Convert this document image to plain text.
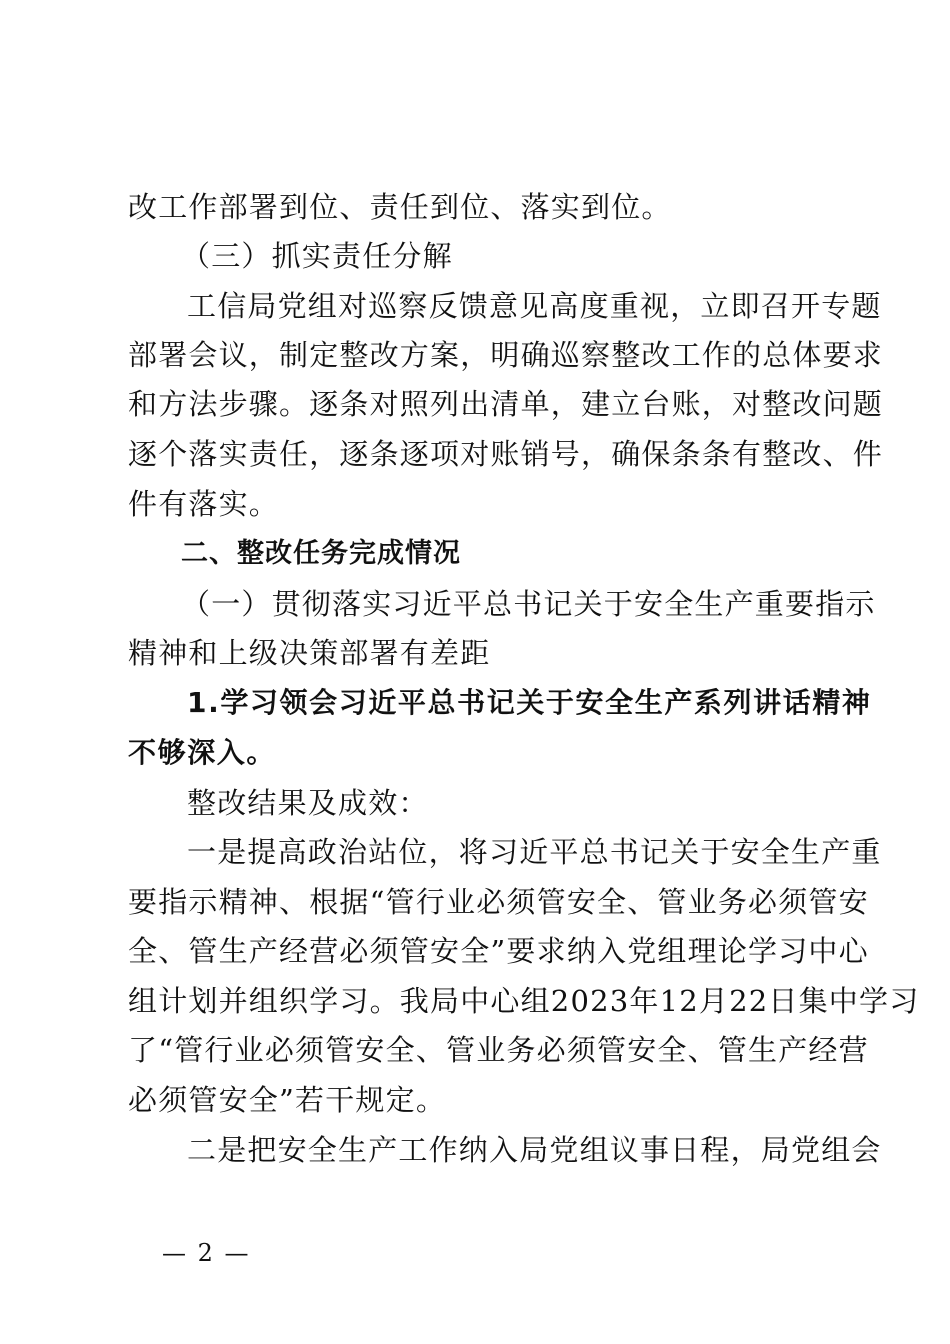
改工作部署到位、责任到位、落实到位。
（三）抓实责任分解
工信局党组对巡察反馈意见高度重视，立即召开专题
部署会议，制定整改方案，明确巡察整改工作的总体要求
和方法步骤。逐条对照列出清单，建立台账，对整改问题
逐个落实责任，逐条逐项对账销号，确保条条有整改、件
件有落实。
二、整改任务完成情况
（一）贯彻落实习近平总书记关于安全生产重要指示
精神和上级决策部署有差距
1.学习领会习近平总书记关于安全生产系列讲话精神
不够深入。
整改结果及成效：
一是提高政治站位，将习近平总书记关于安全生产重
要指示精神、根据“管行业必须管安全、管业务必须管安
全、管生产经营必须管安全”要求纳入党组理论学习中心
组计划并组织学习。我局中心组2023年12月22日集中学习
了“管行业必须管安全、管业务必须管安全、管生产经营
必须管安全”若干规定。
二是把安全生产工作纳入局党组议事日程，局党组会
— 2 —
